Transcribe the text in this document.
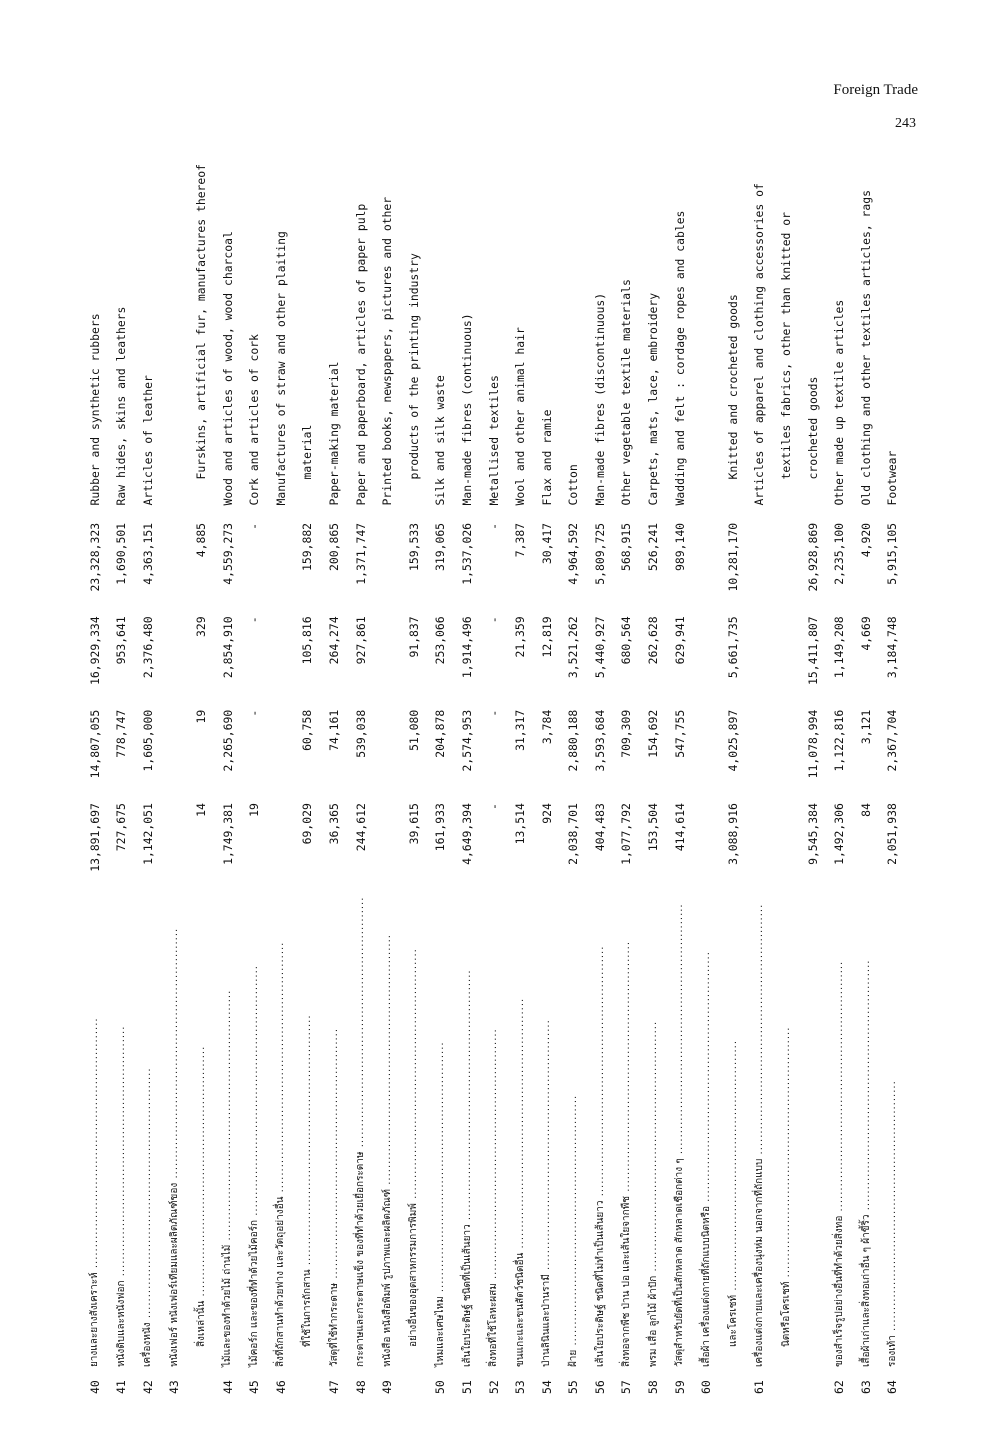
Foreign Trade
243
40	ยางและยางสังเคราะห์ ............................................................	13,891,697	14,807,055	16,929,334	23,328,323		Rubber and synthetic rubbers
41	หนังดิบและหนังฟอก ............................................................	727,675	778,747	953,641	1,690,501		Raw hides, skins and leathers
42	เครื่องหนัง ............................................................	1,142,051	1,605,000	2,376,480	4,363,151		Articles of leather
43	หนังเฟอร์ หนังเฟอร์เทียมและผลิตภัณฑ์ของ ............................................................						
	สิ่งเหล่านั้น ............................................................	14	19	329	4,885		Furskins, artificial fur, manufactures thereof
44	ไม้และของทำด้วยไม้ ถ่านไม้ ............................................................	1,749,381	2,265,690	2,854,910	4,559,273		Wood and articles of wood, wood charcoal
45	ไม้คอร์ก และของที่ทำด้วยไม้คอร์ก ............................................................	19	-	-	-		Cork and articles of cork
46	สิ่งที่ถักสานทำด้วยฟาง และวัตถุอย่างอื่น ............................................................						Manufactures of straw and other plaiting
	ที่ใช้ในการถักสาน ............................................................	69,029	60,758	105,816	159,882		material
47	วัสดุที่ใช้ทำกระดาษ ............................................................	36,365	74,161	264,274	200,865		Paper-making material
48	กระดาษและกระดาษแข็ง ของที่ทำด้วยเยื่อกระดาษ ............................................................	244,612	539,038	927,861	1,371,747		Paper and paperboard, articles of paper pulp
49	หนังสือ หนังสือพิมพ์ รูปภาพและผลิตภัณฑ์ ............................................................						Printed books, newspapers, pictures and other
	อย่างอื่นของอุตสาหกรรมการพิมพ์ ............................................................	39,615	51,080	91,837	159,533		products of the printing industry
50	ไหมและเศษไหม ............................................................	161,933	204,878	253,066	319,065		Silk and silk waste
51	เส้นใยประดิษฐ์ ชนิดที่เป็นเส้นยาว ............................................................	4,649,394	2,574,953	1,914,496	1,537,026		Man-made fibres (continuous)
52	สิ่งทอที่ใช้โลหะผสม ............................................................	-	-	-	-		Metallised textiles
53	ขนแกะและขนสัตว์ชนิดอื่น ............................................................	13,514	31,317	21,359	7,387		Wool and other animal hair
54	ป่านลินินและป่านรามี ............................................................	924	3,784	12,819	30,417		Flax and ramie
55	ฝ้าย ............................................................	2,038,701	2,880,188	3,521,262	4,964,592		Cotton
56	เส้นใยประดิษฐ์ ชนิดที่ไม่ทำเป็นเส้นยาว ............................................................	404,483	3,593,684	5,440,927	5,809,725		Man-made fibres (discontinuous)
57	สิ่งทอจากพืช ป่าน ปอ และเส้นใยจากพืช ............................................................	1,077,792	709,309	680,564	568,915		Other vegetable textile materials
58	พรม เสื่อ ลูกไม้ ผ้าปัก ............................................................	153,504	154,692	262,628	526,241		Carpets, mats, lace, embroidery
59	วัสดุสำหรับยัดที่เป็นสักหลาด สักหลาดเชือกต่าง ๆ ............................................................	414,614	547,755	629,941	989,140		Wadding and felt : cordage ropes and cables
60	เสื้อผ้า เครื่องแต่งกายที่ถักแบบนิตหรือ ............................................................						
	และโครเชท์ ............................................................	3,088,916	4,025,897	5,661,735	10,281,170		Knitted and crocheted goods
61	เครื่องแต่งกายและเครื่องนุ่งห่ม นอกจากที่ถักแบบ ............................................................						Articles of apparel and clothing accessories of
	นิตหรือโครเชท์ ............................................................						textiles fabrics, other than knitted or
		9,545,384	11,078,994	15,411,807	26,928,869		crocheted goods
62	ของสำเร็จรูปอย่างอื่นที่ทำด้วยสิ่งทอ ............................................................	1,492,306	1,122,816	1,149,208	2,235,100		Other made up textile articles
63	เสื้อผ้าเก่าและสิ่งทอเก่าอื่น ๆ ผ้าขี้ริ้ว ............................................................	84	3,121	4,669	4,920		Old clothing and other textiles articles, rags
64	รองเท้า ............................................................	2,051,938	2,367,704	3,184,748	5,915,105		Footwear
